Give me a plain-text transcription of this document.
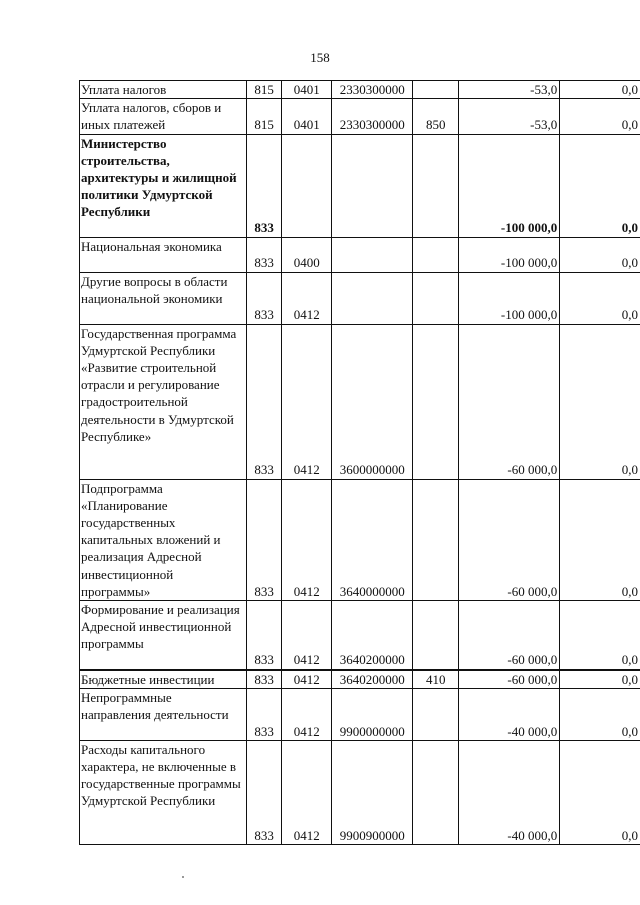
158
Уплата налогов	815	0401	2330300000		-53,0	0,0
Уплата налогов, сборов и иных платежей	815	0401	2330300000	850	-53,0	0,0
Министерство строительства, архитектуры и жилищной политики Удмуртской Республики	833				-100 000,0	0,0
Национальная экономика	833	0400			-100 000,0	0,0
Другие вопросы в области национальной экономики	833	0412			-100 000,0	0,0
Государственная программа Удмуртской Республики «Развитие строительной отрасли и регулирование градостроительной деятельности в Удмуртской Республике»	833	0412	3600000000		-60 000,0	0,0
Подпрограмма «Планирование государственных капитальных вложений и реализация Адресной инвестиционной программы»	833	0412	3640000000		-60 000,0	0,0
Формирование и реализация Адресной инвестиционной программы	833	0412	3640200000		-60 000,0	0,0
Бюджетные инвестиции	833	0412	3640200000	410	-60 000,0	0,0
Непрограммные направления деятельности	833	0412	9900000000		-40 000,0	0,0
Расходы капитального характера, не включенные в государственные программы Удмуртской Республики	833	0412	9900900000		-40 000,0	0,0
